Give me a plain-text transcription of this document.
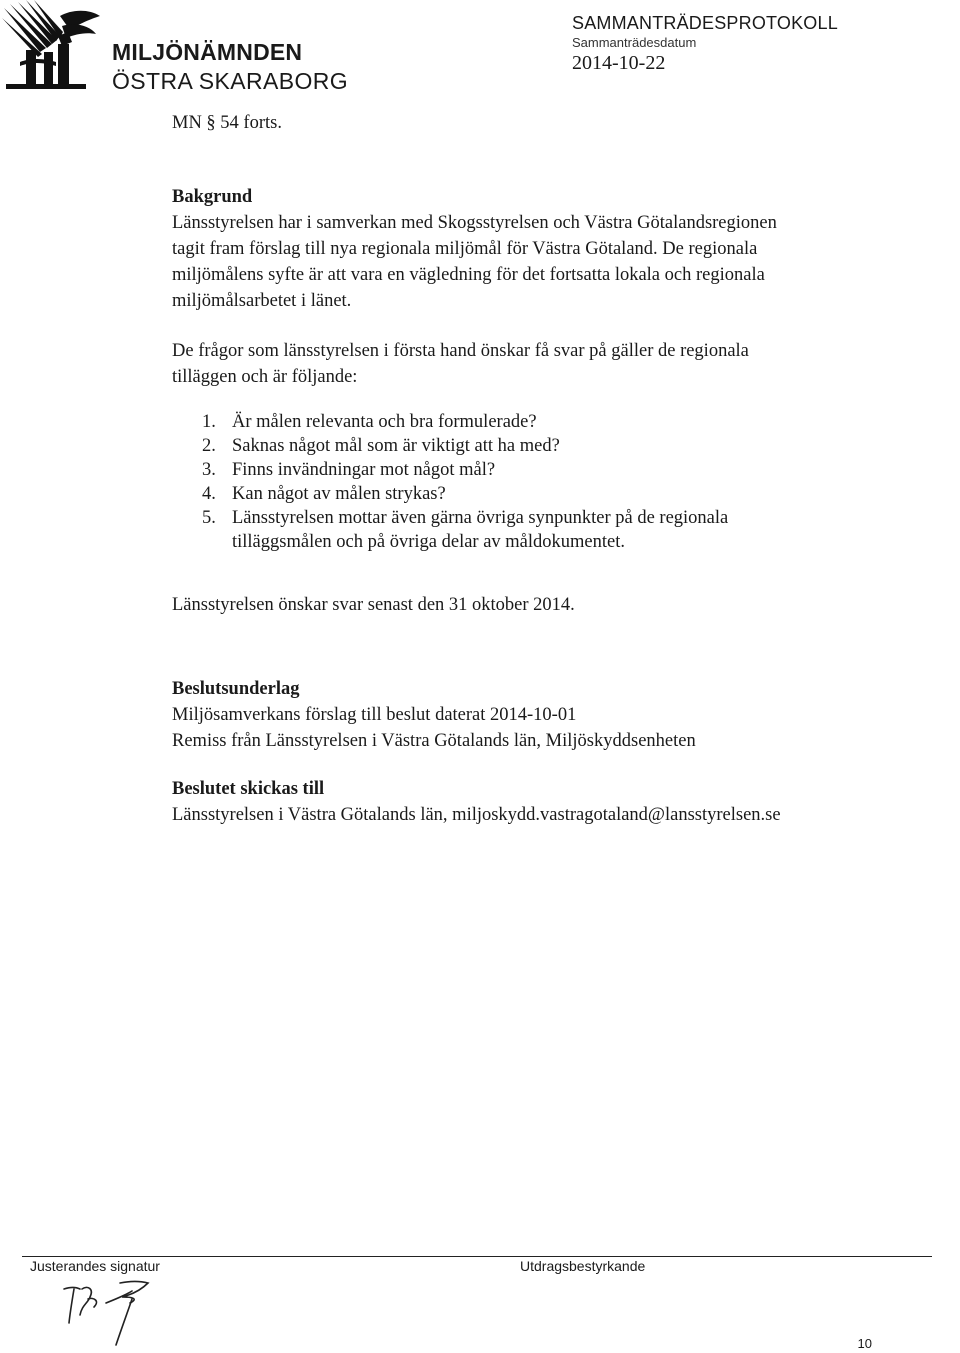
MILJÖNÄMNDEN
ÖSTRA SKARABORG
SAMMANTRÄDESPROTOKOLL
Sammanträdesdatum
2014-10-22

MN § 54 forts.

Bakgrund

Länsstyrelsen har i samverkan med Skogsstyrelsen och Västra Götalandsregionen
tagit fram förslag till nya regionala miljömål för Västra Götaland. De regionala
miljömålens syfte är att vara en vägledning för det fortsatta lokala och regionala
miljömålsarbetet i länet.
De frågor som länsstyrelsen i första hand önskar få svar på gäller de regionala
tilläggen och är följande:
1. Är målen relevanta och bra formulerade?
2. Saknas något mål som är viktigt att ha med?
3. Finns invändningar mot något mål?
4. Kan något av målen strykas?
5. Länsstyrelsen mottar även gärna övriga synpunkter på de regionala
tilläggsmålen och på övriga delar av måldokumentet.

Länsstyrelsen önskar svar senast den 31 oktober 2014.

Beslutsunderlag

Miljösamverkans förslag till beslut daterat 2014-10-01
Remiss från Länsstyrelsen i Västra Götalands län, Miljöskyddsenheten

Beslutet skickas till

Länsstyrelsen i Västra Götalands län, miljoskydd.vastragotaland@lansstyrelsen.se
Justerandes signatur	Utdragsbestyrkande
10
